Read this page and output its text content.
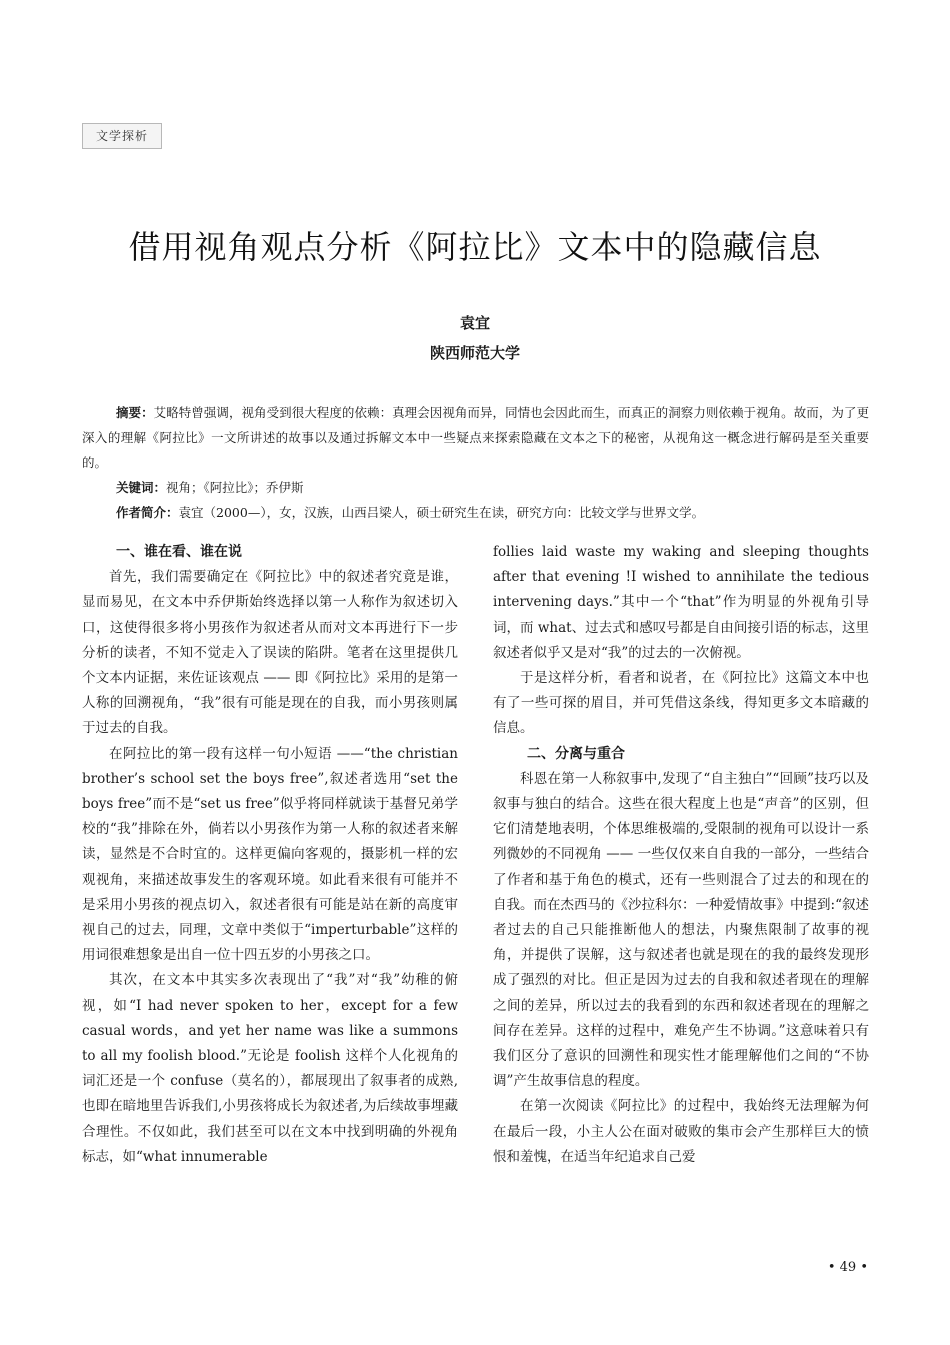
文学探析
借用视角观点分析《阿拉比》文本中的隐藏信息
袁宜
陕西师范大学

摘要：艾略特曾强调，视角受到很大程度的依赖：真理会因视角而异，同情也会因此而生，而真正的洞察力则依赖于视角。故而，为了更深入的理解《阿拉比》一文所讲述的故事以及通过拆解文本中一些疑点来探索隐藏在文本之下的秘密，从视角这一概念进行解码是至关重要的。

关键词：视角；《阿拉比》；乔伊斯

作者简介：袁宜（2000—），女，汉族，山西吕梁人，硕士研究生在读，研究方向：比较文学与世界文学。

一、谁在看、谁在说

首先，我们需要确定在《阿拉比》中的叙述者究竟是谁，显而易见，在文本中乔伊斯始终选择以第一人称作为叙述切入口，这使得很多将小男孩作为叙述者从而对文本再进行下一步分析的读者，不知不觉走入了误读的陷阱。笔者在这里提供几个文本内证据，来佐证该观点 —— 即《阿拉比》采用的是第一人称的回溯视角，“我”很有可能是现在的自我，而小男孩则属于过去的自我。

在阿拉比的第一段有这样一句小短语 ——“the christian brother’s school set the boys free”,叙述者选用“set the boys free”而不是“set us free”似乎将同样就读于基督兄弟学校的“我”排除在外，倘若以小男孩作为第一人称的叙述者来解读，显然是不合时宜的。这样更偏向客观的，摄影机一样的宏观视角，来描述故事发生的客观环境。如此看来很有可能并不是采用小男孩的视点切入，叙述者很有可能是站在新的高度审视自己的过去，同理，文章中类似于“imperturbable”这样的用词很难想象是出自一位十四五岁的小男孩之口。

其次，在文本中其实多次表现出了“我”对“我”幼稚的俯视，如“I had never spoken to her，except for a few casual words，and yet her name was like a summons to all my foolish blood.”无论是 foolish 这样个人化视角的词汇还是一个 confuse（莫名的），都展现出了叙事者的成熟,也即在暗地里告诉我们,小男孩将成长为叙述者,为后续故事埋藏合理性。不仅如此，我们甚至可以在文本中找到明确的外视角标志，如“what innumerable

follies laid waste my waking and sleeping thoughts after that evening !I wished to annihilate the tedious intervening days.”其中一个“that”作为明显的外视角引导词，而 what、过去式和感叹号都是自由间接引语的标志，这里叙述者似乎又是对“我”的过去的一次俯视。

于是这样分析，看者和说者，在《阿拉比》这篇文本中也有了一些可探的眉目，并可凭借这条线，得知更多文本暗藏的信息。

二、分离与重合

科恩在第一人称叙事中,发现了“自主独白”“回顾”技巧以及叙事与独白的结合。这些在很大程度上也是“声音”的区别，但它们清楚地表明，个体思维极端的,受限制的视角可以设计一系列微妙的不同视角 —— 一些仅仅来自自我的一部分，一些结合了作者和基于角色的模式，还有一些则混合了过去的和现在的自我。而在杰西马的《沙拉科尔：一种爱情故事》中提到:“叙述者过去的自己只能推断他人的想法，内聚焦限制了故事的视角，并提供了误解，这与叙述者也就是现在的我的最终发现形成了强烈的对比。但正是因为过去的自我和叙述者现在的理解之间的差异，所以过去的我看到的东西和叙述者现在的理解之间存在差异。这样的过程中，难免产生不协调。”这意味着只有我们区分了意识的回溯性和现实性才能理解他们之间的“不协调”产生故事信息的程度。

在第一次阅读《阿拉比》的过程中，我始终无法理解为何在最后一段，小主人公在面对破败的集市会产生那样巨大的愤恨和羞愧，在适当年纪追求自己爱

• 49 •
